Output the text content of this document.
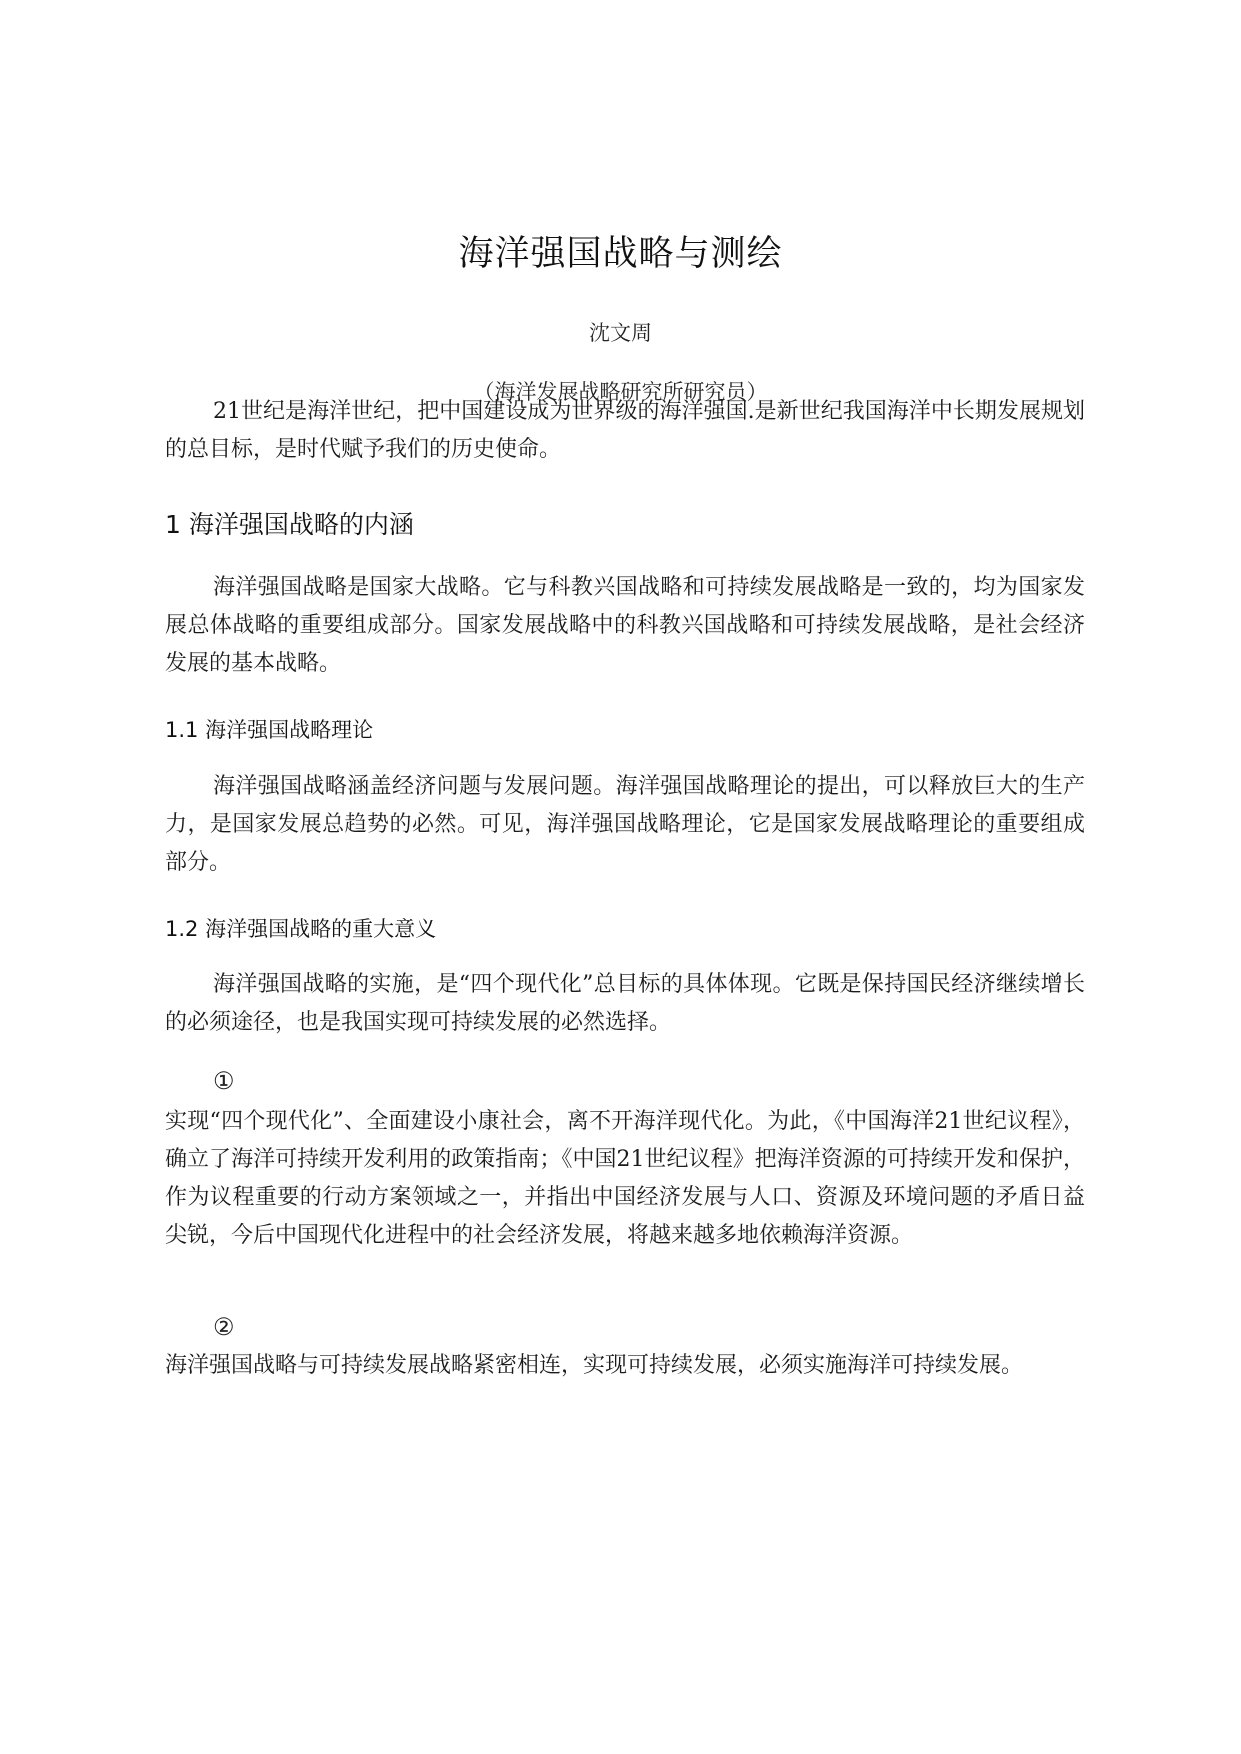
海洋强国战略与测绘
沈文周
（海洋发展战略研究所研究员）

21世纪是海洋世纪，把中国建设成为世界级的海洋强国.是新世纪我国海洋中长期发展规划的总目标，是时代赋予我们的历史使命。

1 海洋强国战略的内涵

海洋强国战略是国家大战略。它与科教兴国战略和可持续发展战略是一致的，均为国家发展总体战略的重要组成部分。国家发展战略中的科教兴国战略和可持续发展战略，是社会经济发展的基本战略。

1.1 海洋强国战略理论

海洋强国战略涵盖经济问题与发展问题。海洋强国战略理论的提出，可以释放巨大的生产力，是国家发展总趋势的必然。可见，海洋强国战略理论，它是国家发展战略理论的重要组成部分。

1.2 海洋强国战略的重大意义

海洋强国战略的实施，是“四个现代化”总目标的具体体现。它既是保持国民经济继续增长的必须途径，也是我国实现可持续发展的必然选择。

①

实现“四个现代化”、全面建设小康社会，离不开海洋现代化。为此，《中国海洋21世纪议程》，确立了海洋可持续开发利用的政策指南；《中国21世纪议程》把海洋资源的可持续开发和保护，作为议程重要的行动方案领域之一，并指出中国经济发展与人口、资源及环境问题的矛盾日益尖锐，今后中国现代化进程中的社会经济发展，将越来越多地依赖海洋资源。

②

海洋强国战略与可持续发展战略紧密相连，实现可持续发展，必须实施海洋可持续发展。
